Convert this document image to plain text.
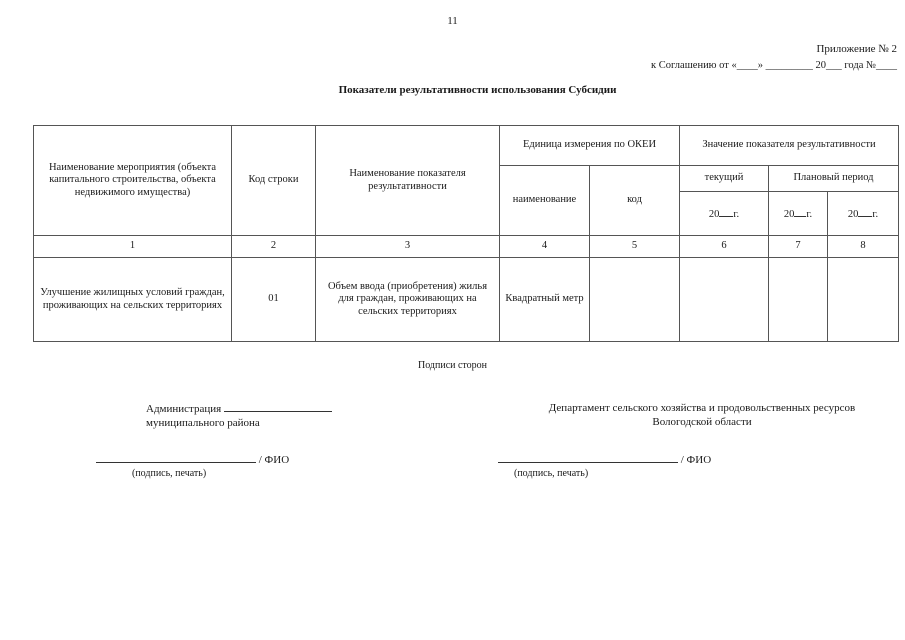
11
Приложение № 2
к Соглашению от «____» _________ 20___ года №____
Показатели результативности использования Субсидии
Наименование мероприятия (объекта капитального строительства, объекта недвижимого имущества)	Код строки	Наименование показателя результативности	Единица измерения по ОКЕИ		Значение показателя результативности		
			наименование	код	текущий	Плановый период	
					20 г.	20 г.	20 г.
1	2	3	4	5	6	7	8
Улучшение жилищных условий граждан, проживающих на сельских территориях	01	Объем ввода (приобретения) жилья для граждан, проживающих на сельских территориях	Квадратный метр				
Подписи сторон
Администрация
муниципального района
Департамент сельского хозяйства и продовольственных ресурсов Вологодской области
/ ФИО	/ ФИО
(подпись, печать)	(подпись, печать)
